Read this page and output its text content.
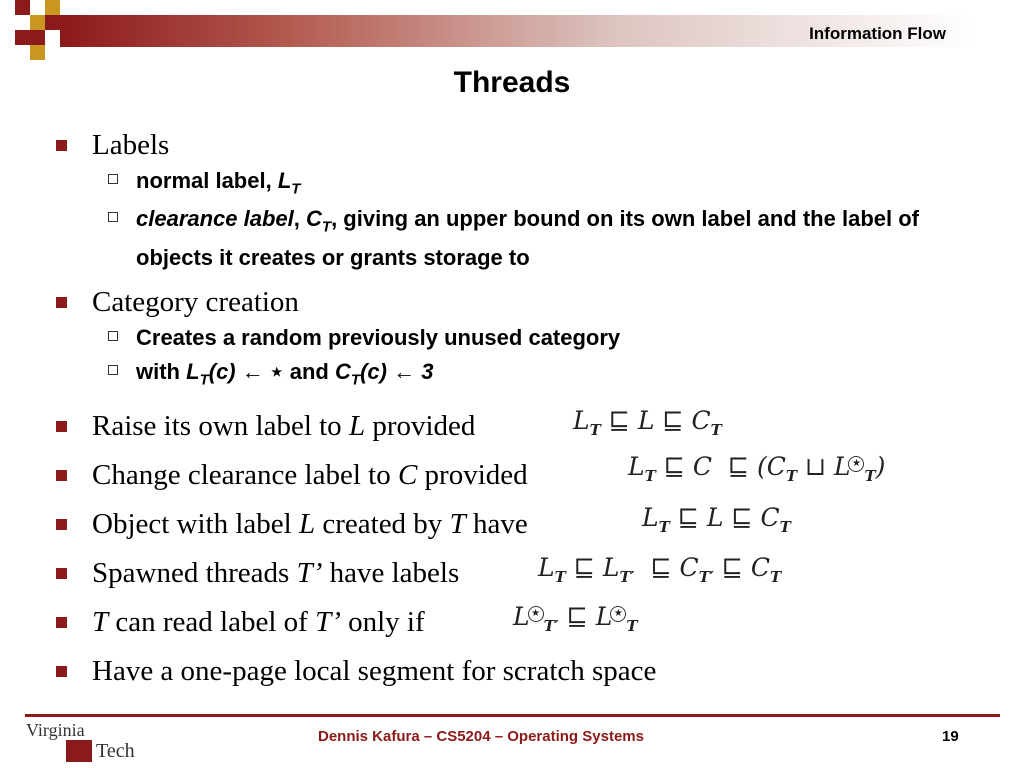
Information Flow
Threads
Labels
normal label, $L_T$
clearance label, $C_T$, giving an upper bound on its own label and the label of objects it creates or grants storage to
Category creation
Creates a random previously unused category
with $L_T(c)$ ← ⋆ and $C_T(c)$ ← 3
Raise its own label to L provided
Change clearance label to C provided
Object with label L created by T have
Spawned threads T’ have labels
T can read label of T’ only if
Have a one-page local segment for scratch space
$L_T$ ⊑ L ⊑ $C_T$
$L_T$ ⊑ C  ⊑ ($C_T$ ⊔ L $★_T$)
$L_T$ ⊑ L ⊑ $C_T$
$L_T$ ⊑ $L_{T'}$  ⊑ $C_{T'}$ ⊑ $C_T$
L $★_{T'}$ ⊑ L $★_T$
Virginia
Tech
Dennis Kafura – CS5204 – Operating Systems	19
